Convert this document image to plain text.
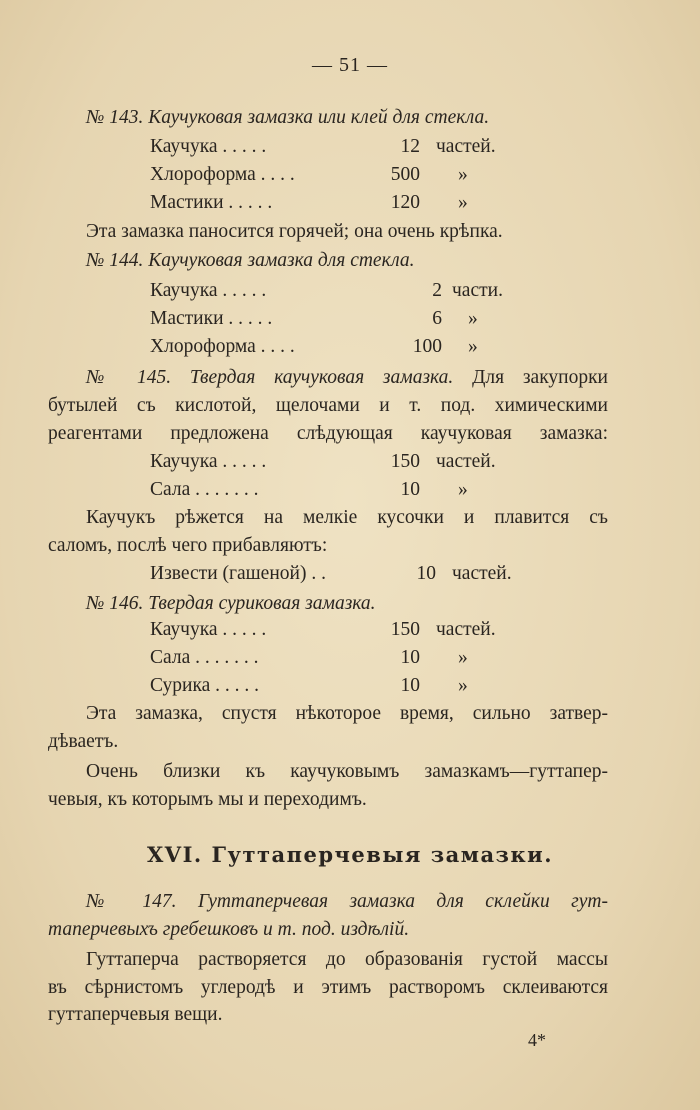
— 51 —
№ 143. Каучуковая замазка или клей для стекла.
Каучука . . . . .	12 частей.
Хлороформа . . . .	500 »
Мастики . . . . .	120 »
Эта замазка паносится горячей; она очень крѣпка.
№ 144. Каучуковая замазка для стекла.
Каучука . . . . .	2 части.
Мастики . . . . .	6 »
Хлороформа . . . .	100 »
№ 145. Твердая каучуковая замазка. Для закупорки
бутылей съ кислотой, щелочами и т. под. химическими
реагентами предложена слѣдующая каучуковая замазка:
Каучука . . . . .	150 частей.
Сала . . . . . . .	10 »
Каучукъ рѣжется на мелкіе кусочки и плавится съ
саломъ, послѣ чего прибавляютъ:
Извести (гашеной) . .	10 частей.
№ 146. Твердая суриковая замазка.
Каучука . . . . .	150 частей.
Сала . . . . . . .	10 »
Сурика . . . . .	10 »
Эта замазка, спустя нѣкоторое время, сильно затвер-
дѣваетъ.
Очень близки къ каучуковымъ замазкамъ—гуттапер-
чевыя, къ которымъ мы и переходимъ.
XVI. Гуттаперчевыя замазки.
№ 147. Гуттаперчевая замазка для склейки гут-
таперчевыхъ гребешковъ и т. под. издѣлій.
Гуттаперча растворяется до образованія густой массы
въ сѣрнистомъ углеродѣ и этимъ растворомъ склеиваются
гуттаперчевыя вещи.
4*
